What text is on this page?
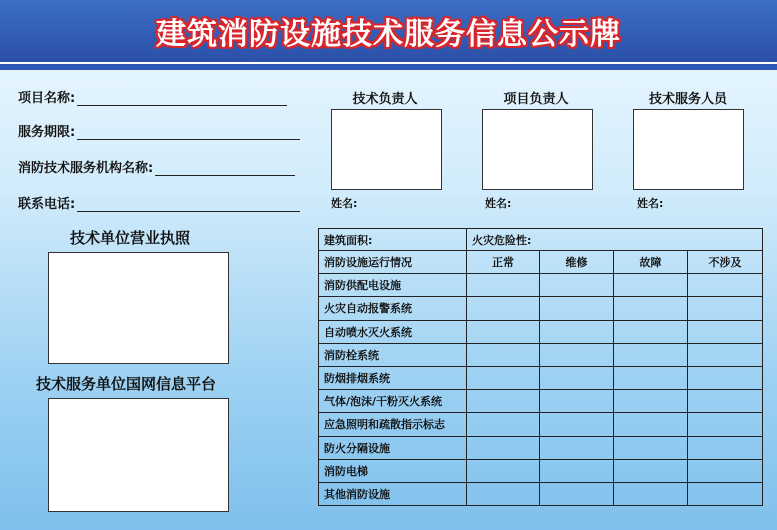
建筑消防设施技术服务信息公示牌
项目名称:
服务期限:
消防技术服务机构名称:
联系电话:
技术负责人	项目负责人	技术服务人员
姓名:	姓名:	姓名:
技术单位营业执照
技术服务单位国网信息平台
建筑面积:	火灾危险性:			
消防设施运行情况	正常	维修	故障	不涉及
消防供配电设施				
火灾自动报警系统				
自动喷水灭火系统				
消防栓系统				
防烟排烟系统				
气体/泡沫/干粉灭火系统				
应急照明和疏散指示标志				
防火分隔设施				
消防电梯				
其他消防设施				
